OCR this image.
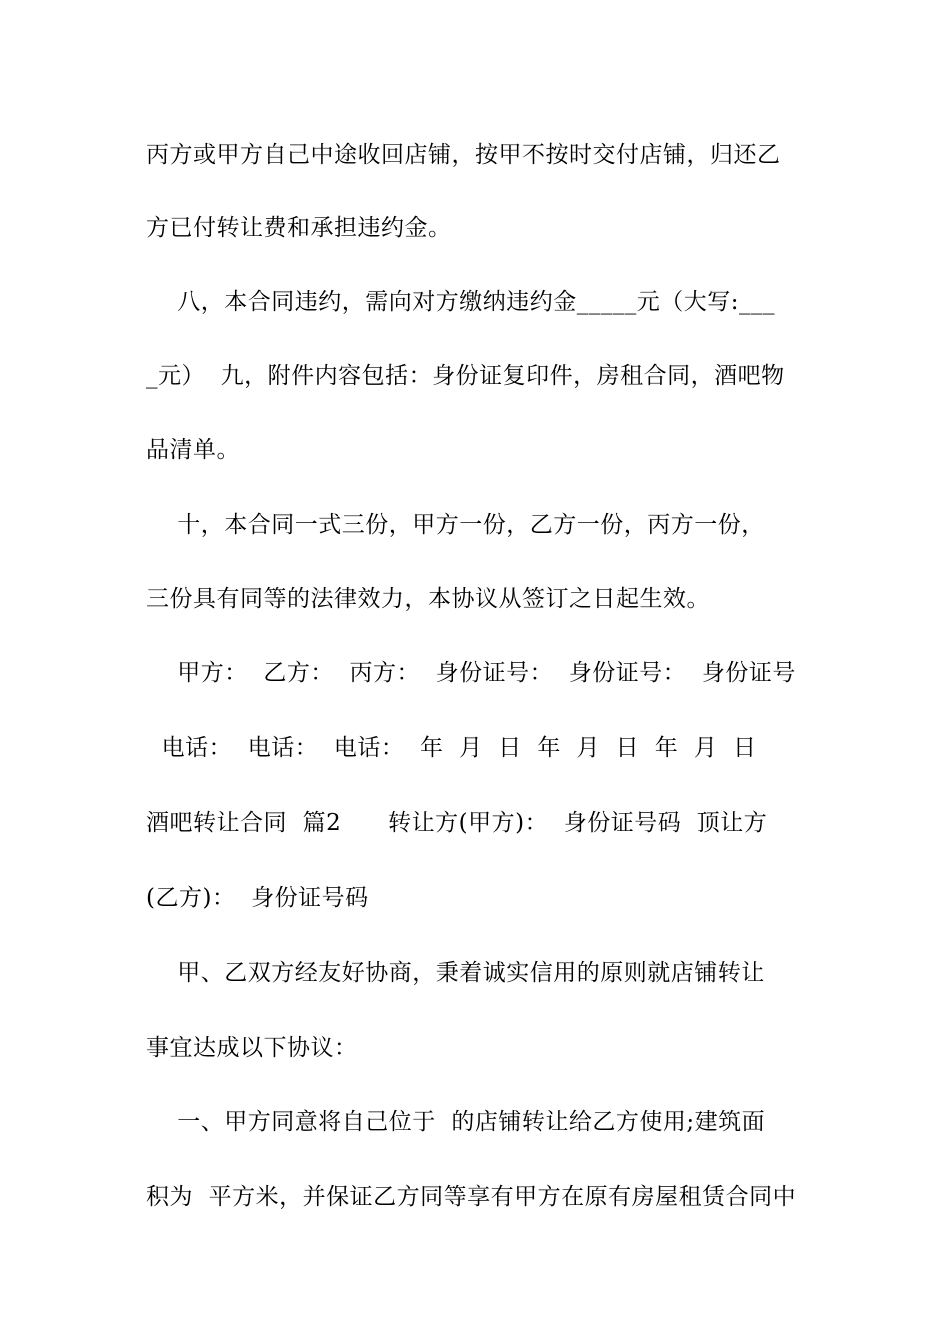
丙方或甲方自己中途收回店铺，按甲不按时交付店铺，归还乙
方已付转让费和承担违约金。
八，本合同违约，需向对方缴纳违约金_____元（大写:___
_元）  九，附件内容包括：身份证复印件，房租合同，酒吧物
品清单。
十，本合同一式三份，甲方一份，乙方一份，丙方一份，
三份具有同等的法律效力，本协议从签订之日起生效。
甲方：  乙方：  丙方：  身份证号：  身份证号：  身份证号
电话：  电话：  电话：  年  月  日  年  月  日  年  月  日
酒吧转让合同  篇2      转让方(甲方)：  身份证号码  顶让方
(乙方)：  身份证号码
甲、乙双方经友好协商，秉着诚实信用的原则就店铺转让
事宜达成以下协议：
一、甲方同意将自己位于  的店铺转让给乙方使用;建筑面
积为  平方米，并保证乙方同等享有甲方在原有房屋租赁合同中
